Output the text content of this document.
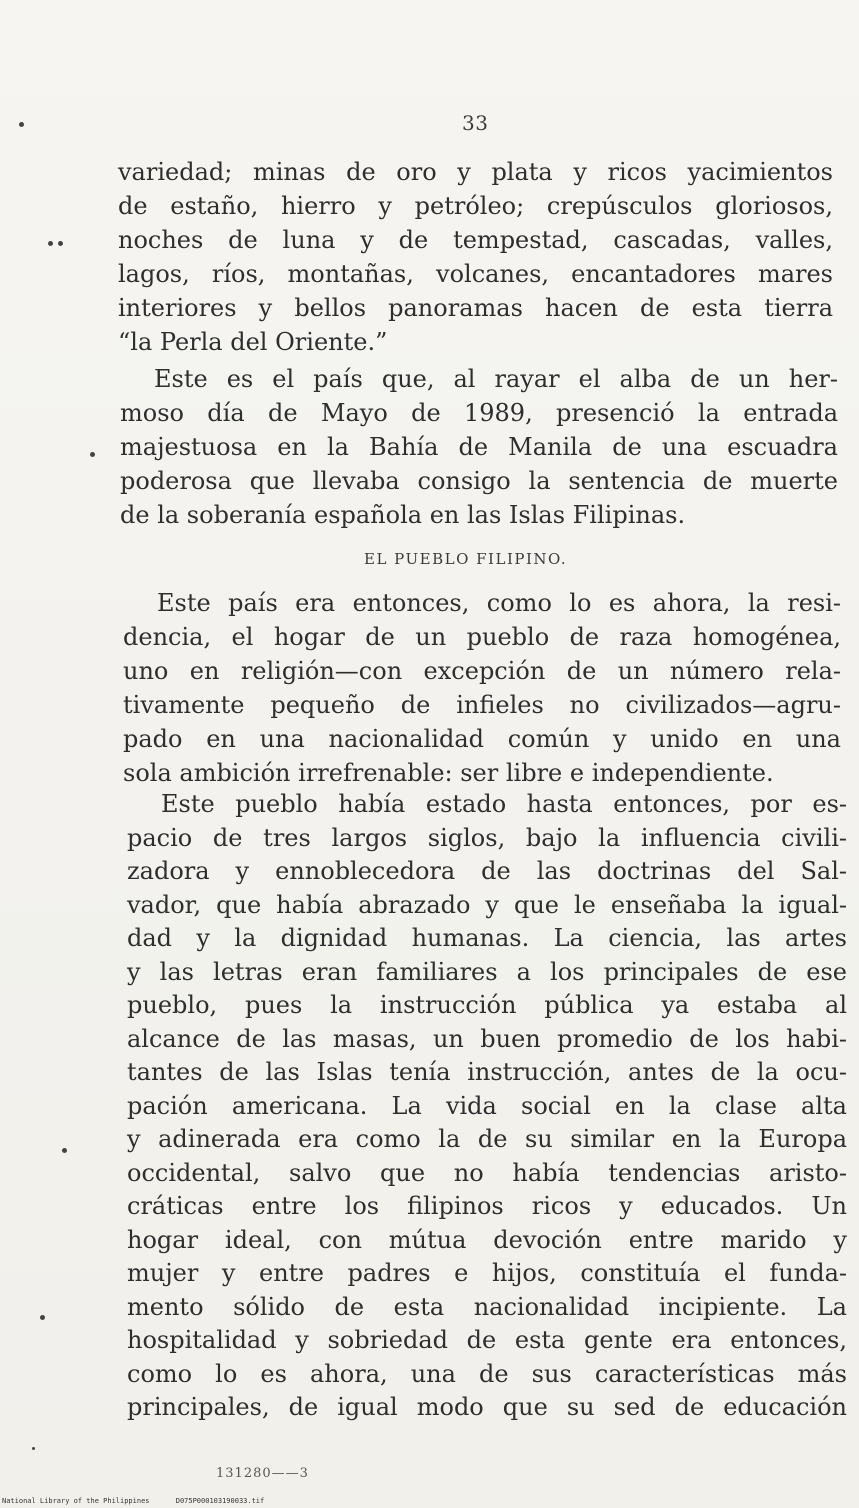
33
variedad; minas de oro y plata y ricos yacimientos
de estaño, hierro y petróleo; crepúsculos gloriosos,
noches de luna y de tempestad, cascadas, valles,
lagos, ríos, montañas, volcanes, encantadores mares
interiores y bellos panoramas hacen de esta tierra
“la Perla del Oriente.”
Este es el país que, al rayar el alba de un her-
moso día de Mayo de 1989, presenció la entrada
majestuosa en la Bahía de Manila de una escuadra
poderosa que llevaba consigo la sentencia de muerte
de la soberanía española en las Islas Filipinas.
EL PUEBLO FILIPINO.
Este país era entonces, como lo es ahora, la resi-
dencia, el hogar de un pueblo de raza homogénea,
uno en religión—con excepción de un número rela-
tivamente pequeño de infieles no civilizados—agru-
pado en una nacionalidad común y unido en una
sola ambición irrefrenable: ser libre e independiente.
Este pueblo había estado hasta entonces, por es-
pacio de tres largos siglos, bajo la influencia civili-
zadora y ennoblecedora de las doctrinas del Sal-
vador, que había abrazado y que le enseñaba la igual-
dad y la dignidad humanas. La ciencia, las artes
y las letras eran familiares a los principales de ese
pueblo, pues la instrucción pública ya estaba al
alcance de las masas, un buen promedio de los habi-
tantes de las Islas tenía instrucción, antes de la ocu-
pación americana. La vida social en la clase alta
y adinerada era como la de su similar en la Europa
occidental, salvo que no había tendencias aristo-
cráticas entre los filipinos ricos y educados. Un
hogar ideal, con mútua devoción entre marido y
mujer y entre padres e hijos, constituía el funda-
mento sólido de esta nacionalidad incipiente. La
hospitalidad y sobriedad de esta gente era entonces,
como lo es ahora, una de sus características más
principales, de igual modo que su sed de educación
131280——3
National Library of the Philippines	D075P000103190033.tif
